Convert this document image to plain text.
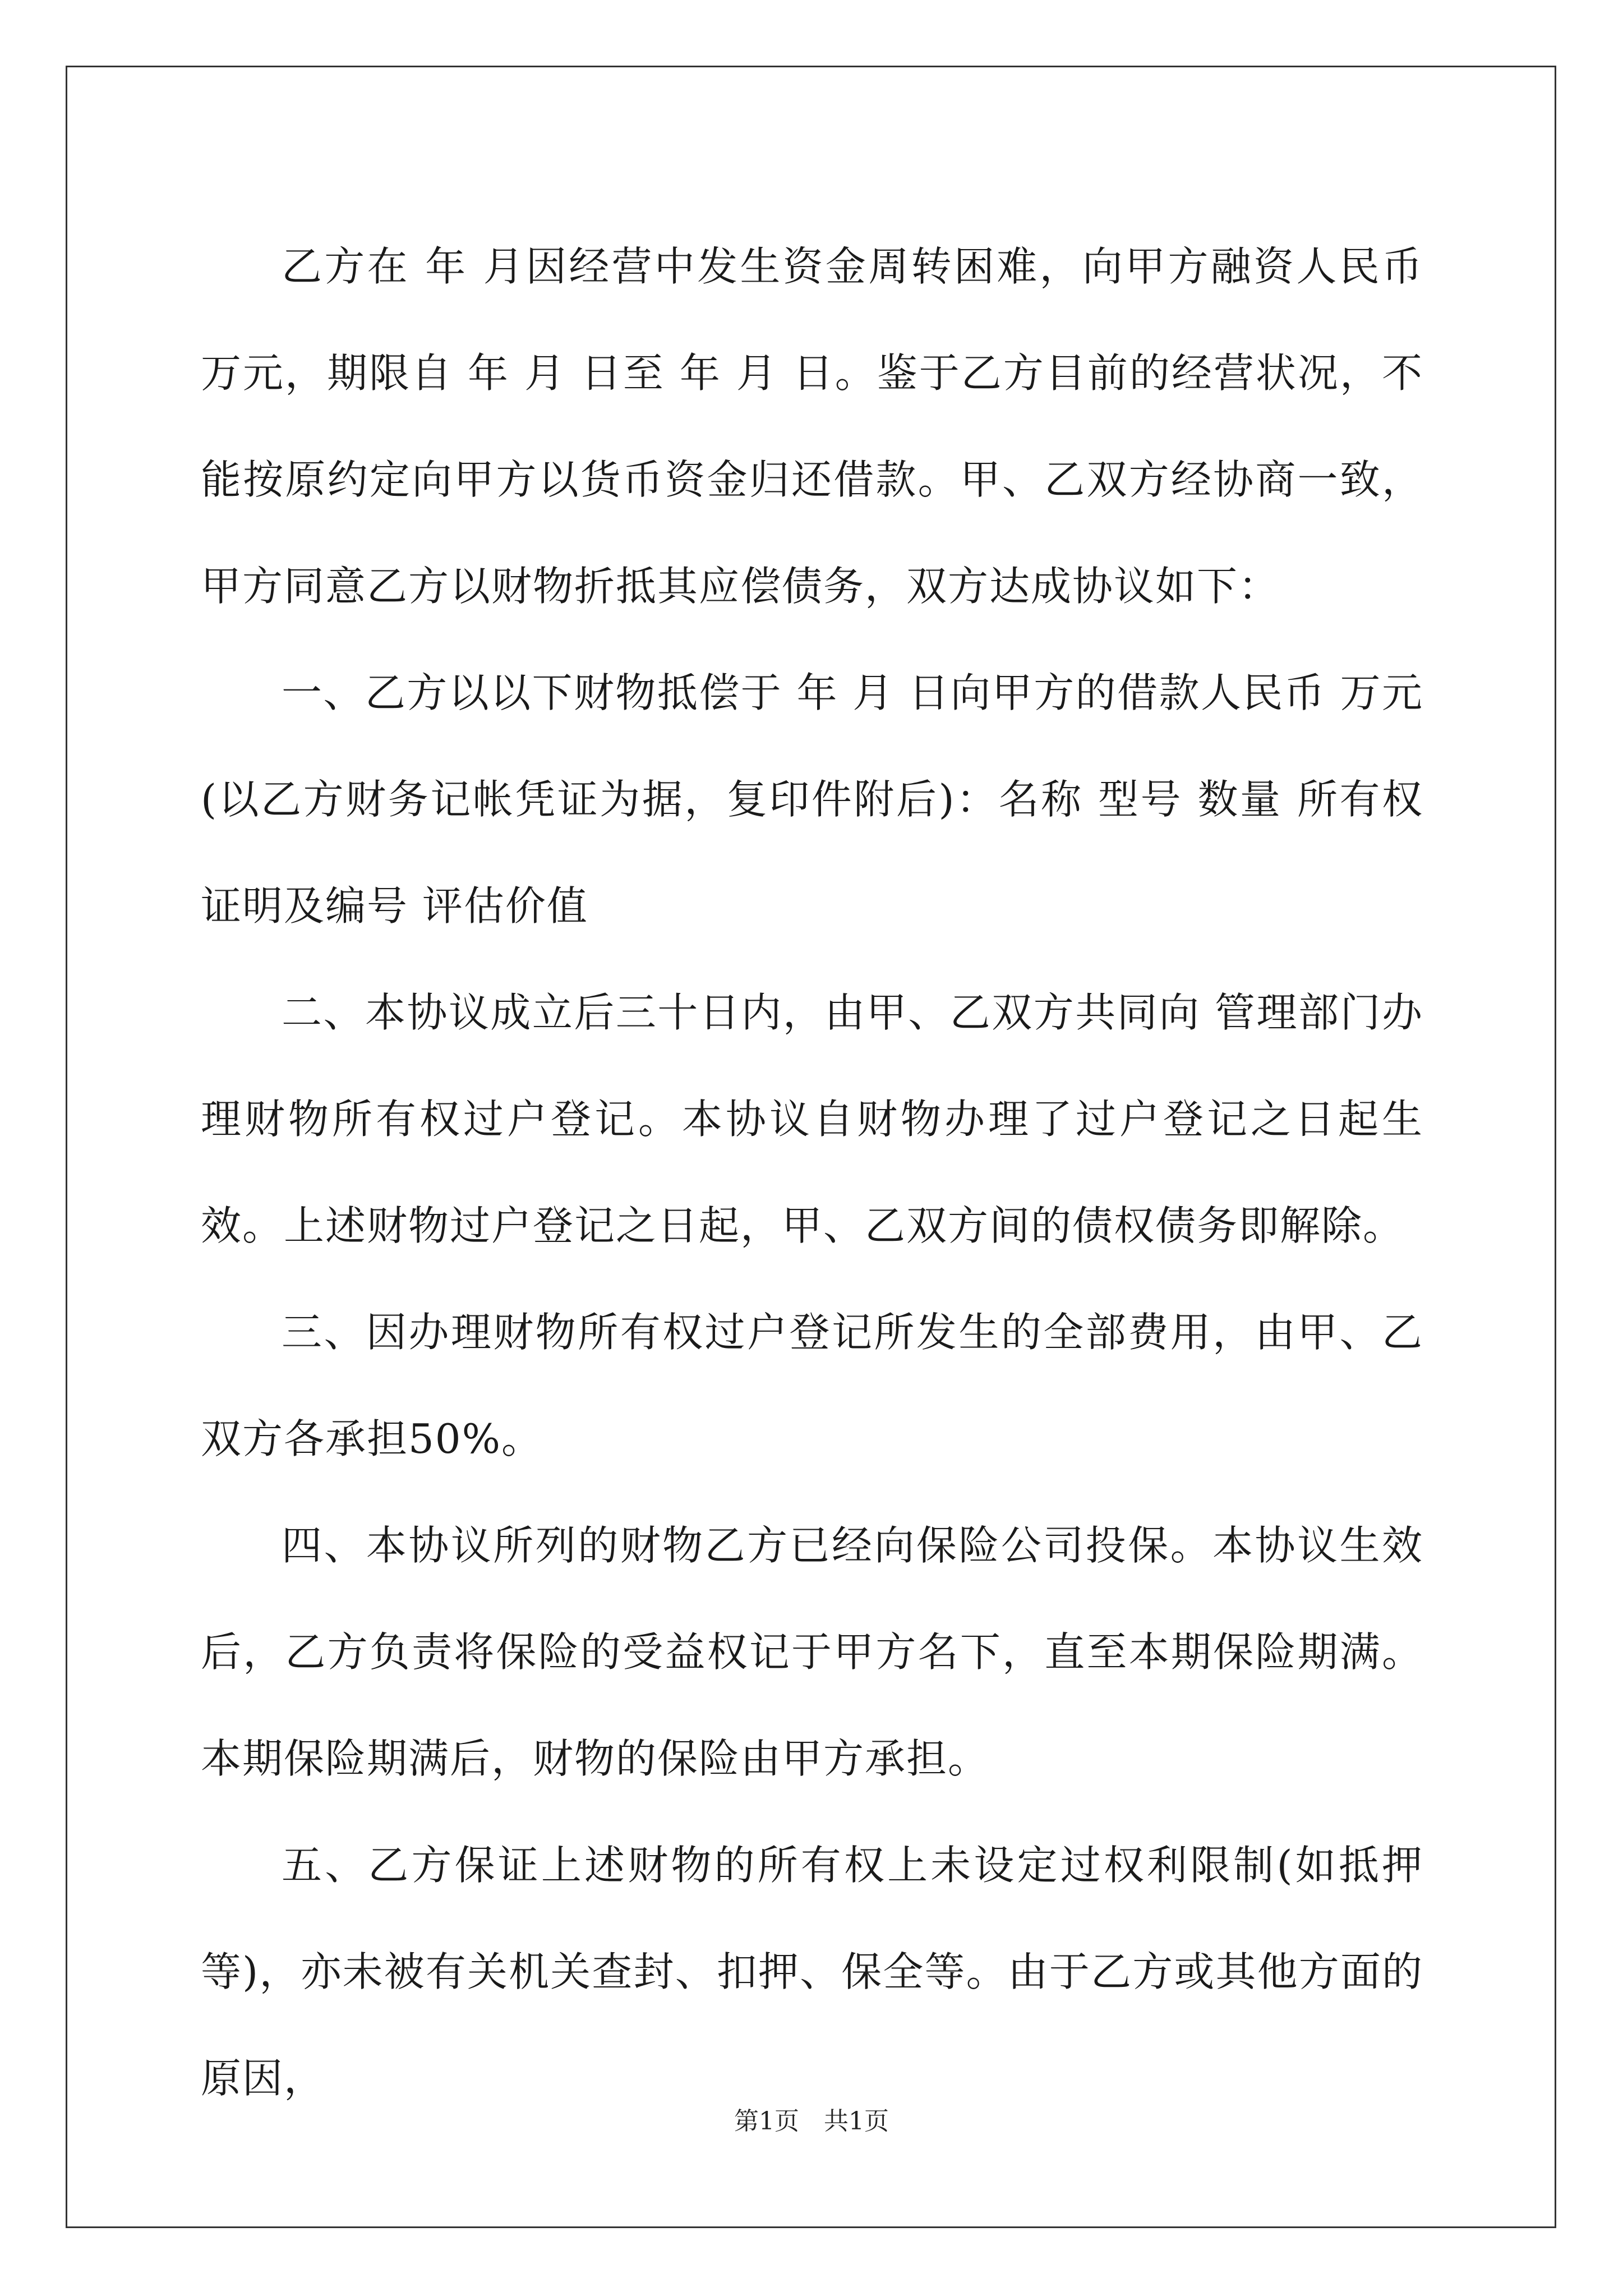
乙方在 年 月因经营中发生资金周转困难，向甲方融资人民币 万元，期限自 年 月 日至 年 月 日。鉴于乙方目前的经营状况，不能按原约定向甲方以货币资金归还借款。甲、乙双方经协商一致，甲方同意乙方以财物折抵其应偿债务，双方达成协议如下：

一、乙方以以下财物抵偿于 年 月 日向甲方的借款人民币 万元(以乙方财务记帐凭证为据，复印件附后)：名称 型号 数量 所有权证明及编号 评估价值

二、本协议成立后三十日内，由甲、乙双方共同向 管理部门办理财物所有权过户登记。本协议自财物办理了过户登记之日起生效。上述财物过户登记之日起，甲、乙双方间的债权债务即解除。

三、因办理财物所有权过户登记所发生的全部费用，由甲、乙双方各承担50%。

四、本协议所列的财物乙方已经向保险公司投保。本协议生效后，乙方负责将保险的受益权记于甲方名下，直至本期保险期满。本期保险期满后，财物的保险由甲方承担。

五、乙方保证上述财物的所有权上未设定过权利限制(如抵押等)，亦未被有关机关查封、扣押、保全等。由于乙方或其他方面的原因，

第1页　共1页
